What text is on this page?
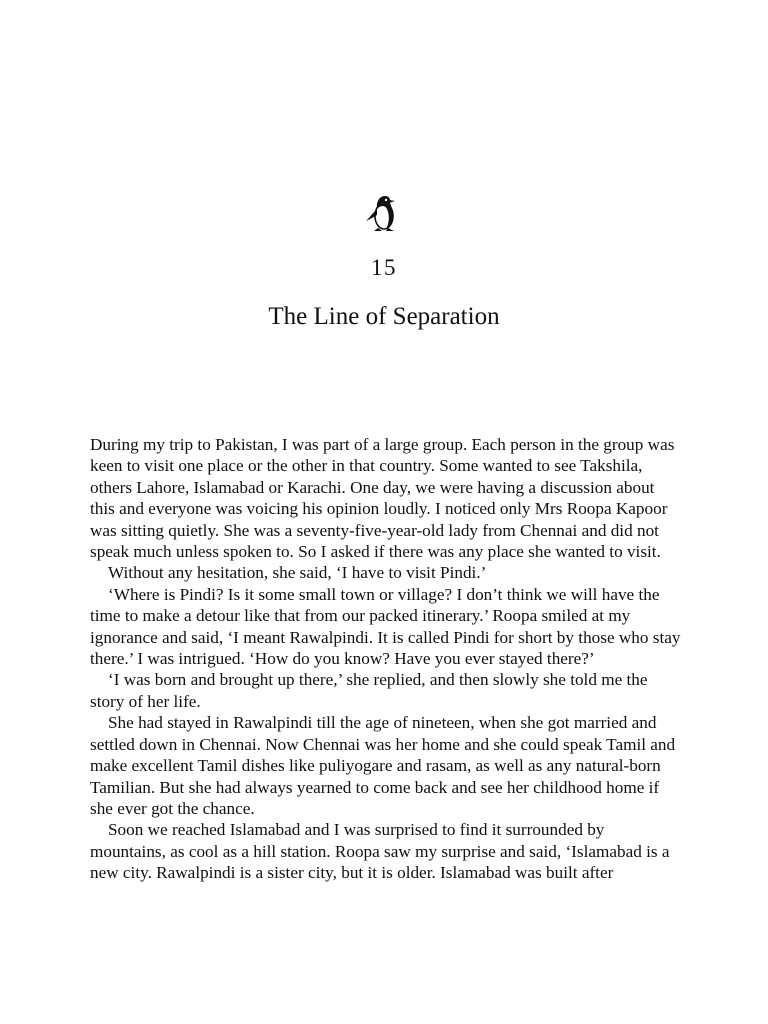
15
The Line of Separation

During my trip to Pakistan, I was part of a large group. Each person in the group was keen to visit one place or the other in that country. Some wanted to see Takshila, others Lahore, Islamabad or Karachi. One day, we were having a discussion about this and everyone was voicing his opinion loudly. I noticed only Mrs Roopa Kapoor was sitting quietly. She was a seventy-five-year-old lady from Chennai and did not speak much unless spoken to. So I asked if there was any place she wanted to visit.

Without any hesitation, she said, ‘I have to visit Pindi.’

‘Where is Pindi? Is it some small town or village? I don’t think we will have the time to make a detour like that from our packed itinerary.’ Roopa smiled at my ignorance and said, ‘I meant Rawalpindi. It is called Pindi for short by those who stay there.’ I was intrigued. ‘How do you know? Have you ever stayed there?’

‘I was born and brought up there,’ she replied, and then slowly she told me the story of her life.

She had stayed in Rawalpindi till the age of nineteen, when she got married and settled down in Chennai. Now Chennai was her home and she could speak Tamil and make excellent Tamil dishes like puliyogare and rasam, as well as any natural-born Tamilian. But she had always yearned to come back and see her childhood home if she ever got the chance.

Soon we reached Islamabad and I was surprised to find it surrounded by mountains, as cool as a hill station. Roopa saw my surprise and said, ‘Islamabad is a new city. Rawalpindi is a sister city, but it is older. Islamabad was built after
